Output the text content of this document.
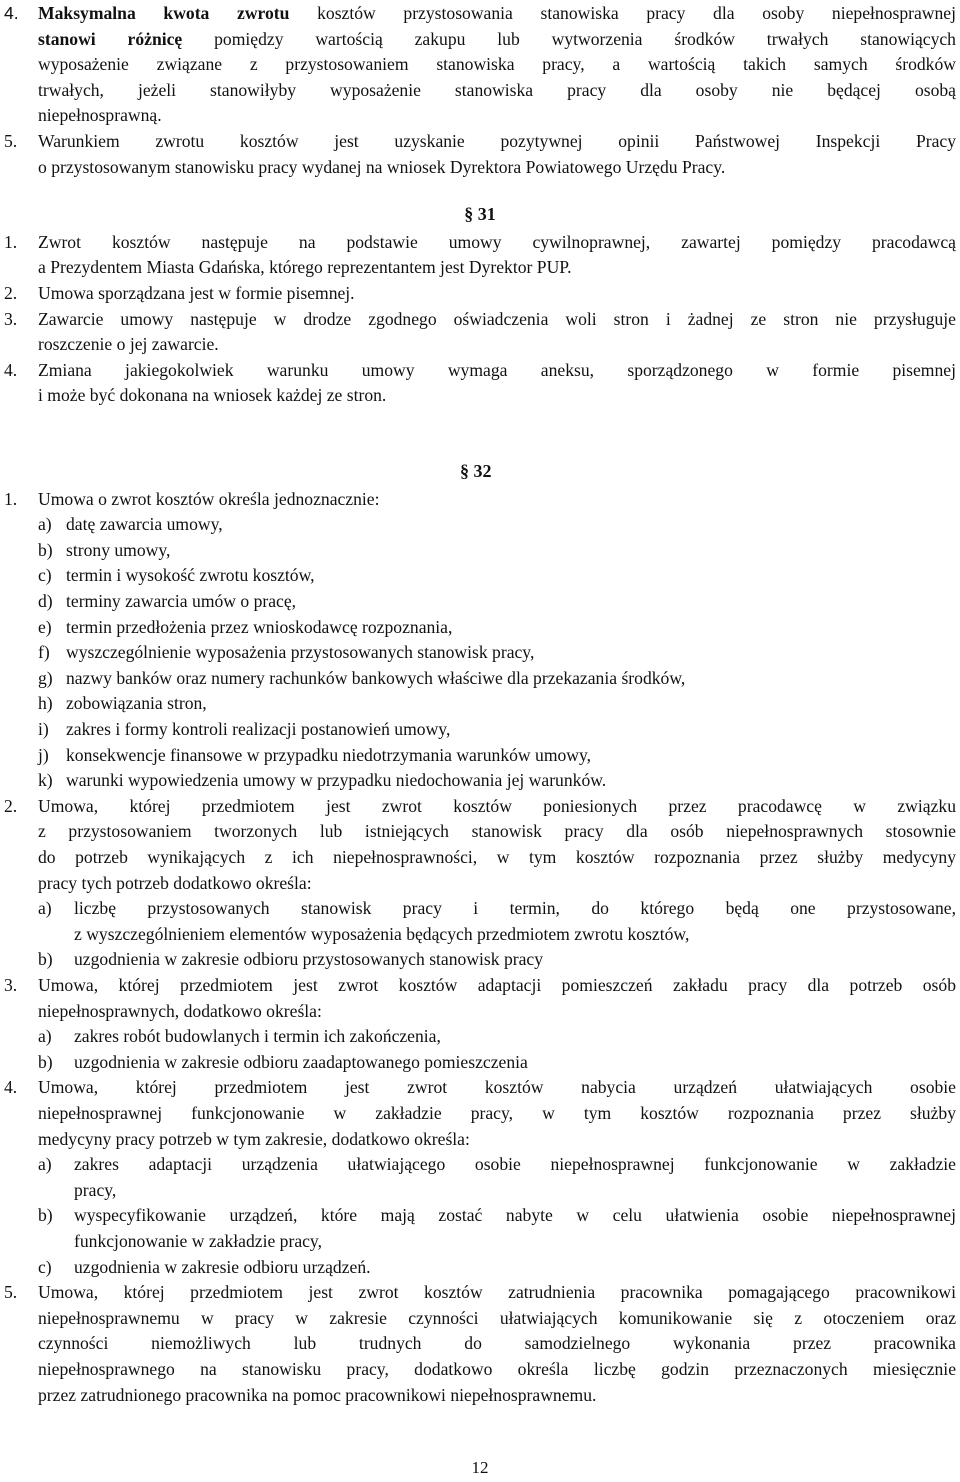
4. Maksymalna kwota zwrotu kosztów przystosowania stanowiska pracy dla osoby niepełnosprawnej
stanowi różnicę pomiędzy wartością zakupu lub wytworzenia środków trwałych stanowiących
wyposażenie związane z przystosowaniem stanowiska pracy, a wartością takich samych środków
trwałych, jeżeli stanowiłyby wyposażenie stanowiska pracy dla osoby nie będącej osobą
niepełnosprawną.
5. Warunkiem zwrotu kosztów jest uzyskanie pozytywnej opinii Państwowej Inspekcji Pracy
o przystosowanym stanowisku pracy wydanej na wniosek Dyrektora Powiatowego Urzędu Pracy.
§ 31
1. Zwrot kosztów następuje na podstawie umowy cywilnoprawnej, zawartej pomiędzy pracodawcą
a Prezydentem Miasta Gdańska, którego reprezentantem jest Dyrektor PUP.
2. Umowa sporządzana jest w formie pisemnej.
3. Zawarcie umowy następuje w drodze zgodnego oświadczenia woli stron i żadnej ze stron nie przysługuje
roszczenie o jej zawarcie.
4. Zmiana jakiegokolwiek warunku umowy wymaga aneksu, sporządzonego w formie pisemnej
i może być dokonana na wniosek każdej ze stron.
§ 32
1. Umowa o zwrot kosztów określa jednoznacznie:
a) datę zawarcia umowy,
b) strony umowy,
c) termin i wysokość zwrotu kosztów,
d) terminy zawarcia umów o pracę,
e) termin przedłożenia przez wnioskodawcę rozpoznania,
f) wyszczególnienie wyposażenia przystosowanych stanowisk pracy,
g) nazwy banków oraz numery rachunków bankowych właściwe dla przekazania środków,
h) zobowiązania stron,
i) zakres i formy kontroli realizacji postanowień umowy,
j) konsekwencje finansowe w przypadku niedotrzymania warunków umowy,
k) warunki wypowiedzenia umowy w przypadku niedochowania jej warunków.
2. Umowa, której przedmiotem jest zwrot kosztów poniesionych przez pracodawcę w związku
z przystosowaniem tworzonych lub istniejących stanowisk pracy dla osób niepełnosprawnych stosownie
do potrzeb wynikających z ich niepełnosprawności, w tym kosztów rozpoznania przez służby medycyny
pracy tych potrzeb dodatkowo określa:
a) liczbę przystosowanych stanowisk pracy i termin, do którego będą one przystosowane,
z wyszczególnieniem elementów wyposażenia będących przedmiotem zwrotu kosztów,
b) uzgodnienia w zakresie odbioru przystosowanych stanowisk pracy
3. Umowa, której przedmiotem jest zwrot kosztów adaptacji pomieszczeń zakładu pracy dla potrzeb osób
niepełnosprawnych, dodatkowo określa:
a) zakres robót budowlanych i termin ich zakończenia,
b) uzgodnienia w zakresie odbioru zaadaptowanego pomieszczenia
4. Umowa, której przedmiotem jest zwrot kosztów nabycia urządzeń ułatwiających osobie
niepełnosprawnej funkcjonowanie w zakładzie pracy, w tym kosztów rozpoznania przez służby
medycyny pracy potrzeb w tym zakresie, dodatkowo określa:
a) zakres adaptacji urządzenia ułatwiającego osobie niepełnosprawnej funkcjonowanie w zakładzie
pracy,
b) wyspecyfikowanie urządzeń, które mają zostać nabyte w celu ułatwienia osobie niepełnosprawnej
funkcjonowanie w zakładzie pracy,
c) uzgodnienia w zakresie odbioru urządzeń.
5. Umowa, której przedmiotem jest zwrot kosztów zatrudnienia pracownika pomagającego pracownikowi
niepełnosprawnemu w pracy w zakresie czynności ułatwiających komunikowanie się z otoczeniem oraz
czynności niemożliwych lub trudnych do samodzielnego wykonania przez pracownika
niepełnosprawnego na stanowisku pracy, dodatkowo określa liczbę godzin przeznaczonych miesięcznie
przez zatrudnionego pracownika na pomoc pracownikowi niepełnosprawnemu.
12
